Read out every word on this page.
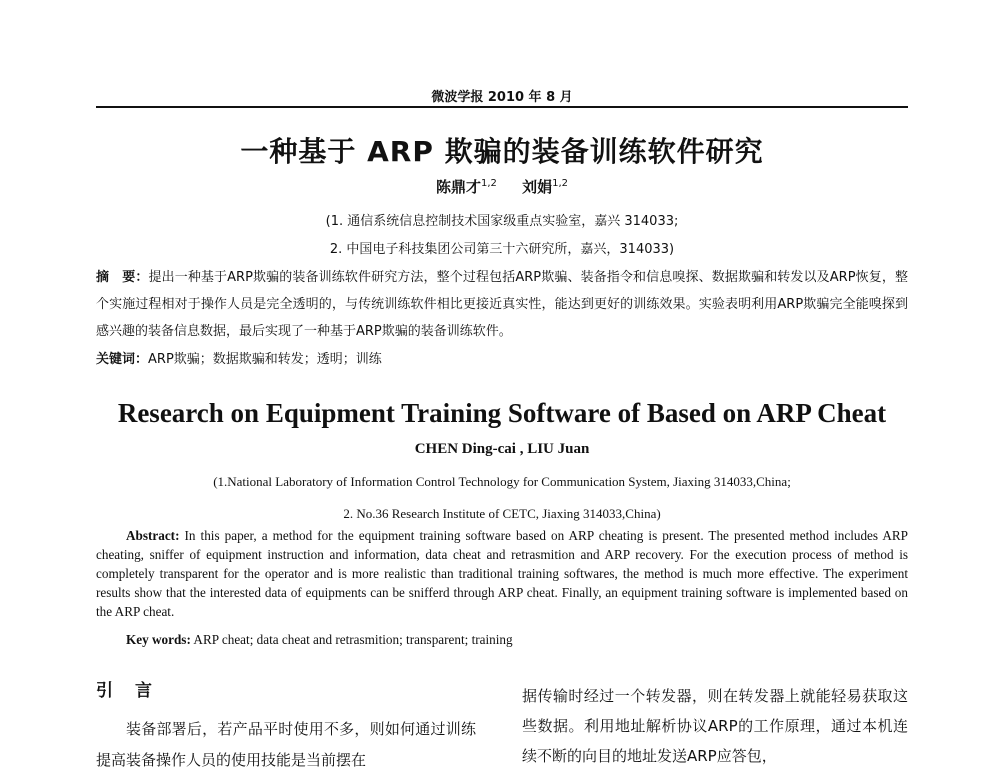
微波学报 2010 年 8 月
一种基于 ARP 欺骗的装备训练软件研究
陈鼎才$^{1,2}$ 刘娟$^{1,2}$
(1. 通信系统信息控制技术国家级重点实验室，嘉兴 314033;
2. 中国电子科技集团公司第三十六研究所，嘉兴，314033)
摘　要：提出一种基于ARP欺骗的装备训练软件研究方法，整个过程包括ARP欺骗、装备指令和信息嗅探、数据欺骗和转发以及ARP恢复，整个实施过程相对于操作人员是完全透明的，与传统训练软件相比更接近真实性，能达到更好的训练效果。实验表明利用ARP欺骗完全能嗅探到感兴趣的装备信息数据，最后实现了一种基于ARP欺骗的装备训练软件。
关键词：ARP欺骗；数据欺骗和转发；透明；训练
Research on Equipment Training Software of Based on ARP Cheat
CHEN Ding-cai , LIU Juan
(1.National Laboratory of Information Control Technology for Communication System, Jiaxing 314033,China;
2. No.36 Research Institute of CETC, Jiaxing 314033,China)
Abstract: In this paper, a method for the equipment training software based on ARP cheating is present. The presented method includes ARP cheating, sniffer of equipment instruction and information, data cheat and retrasmition and ARP recovery. For the execution process of method is completely transparent for the operator and is more realistic than traditional training softwares, the method is much more effective. The experiment results show that the interested data of equipments can be snifferd through ARP cheat. Finally, an equipment training software is implemented based on the ARP cheat.
Key words: ARP cheat; data cheat and retrasmition; transparent; training
引言
装备部署后，若产品平时使用不多，则如何通过训练提高装备操作人员的使用技能是当前摆在
据传输时经过一个转发器，则在转发器上就能轻易获取这些数据。利用地址解析协议ARP的工作原理，通过本机连续不断的向目的地址发送ARP应答包，
